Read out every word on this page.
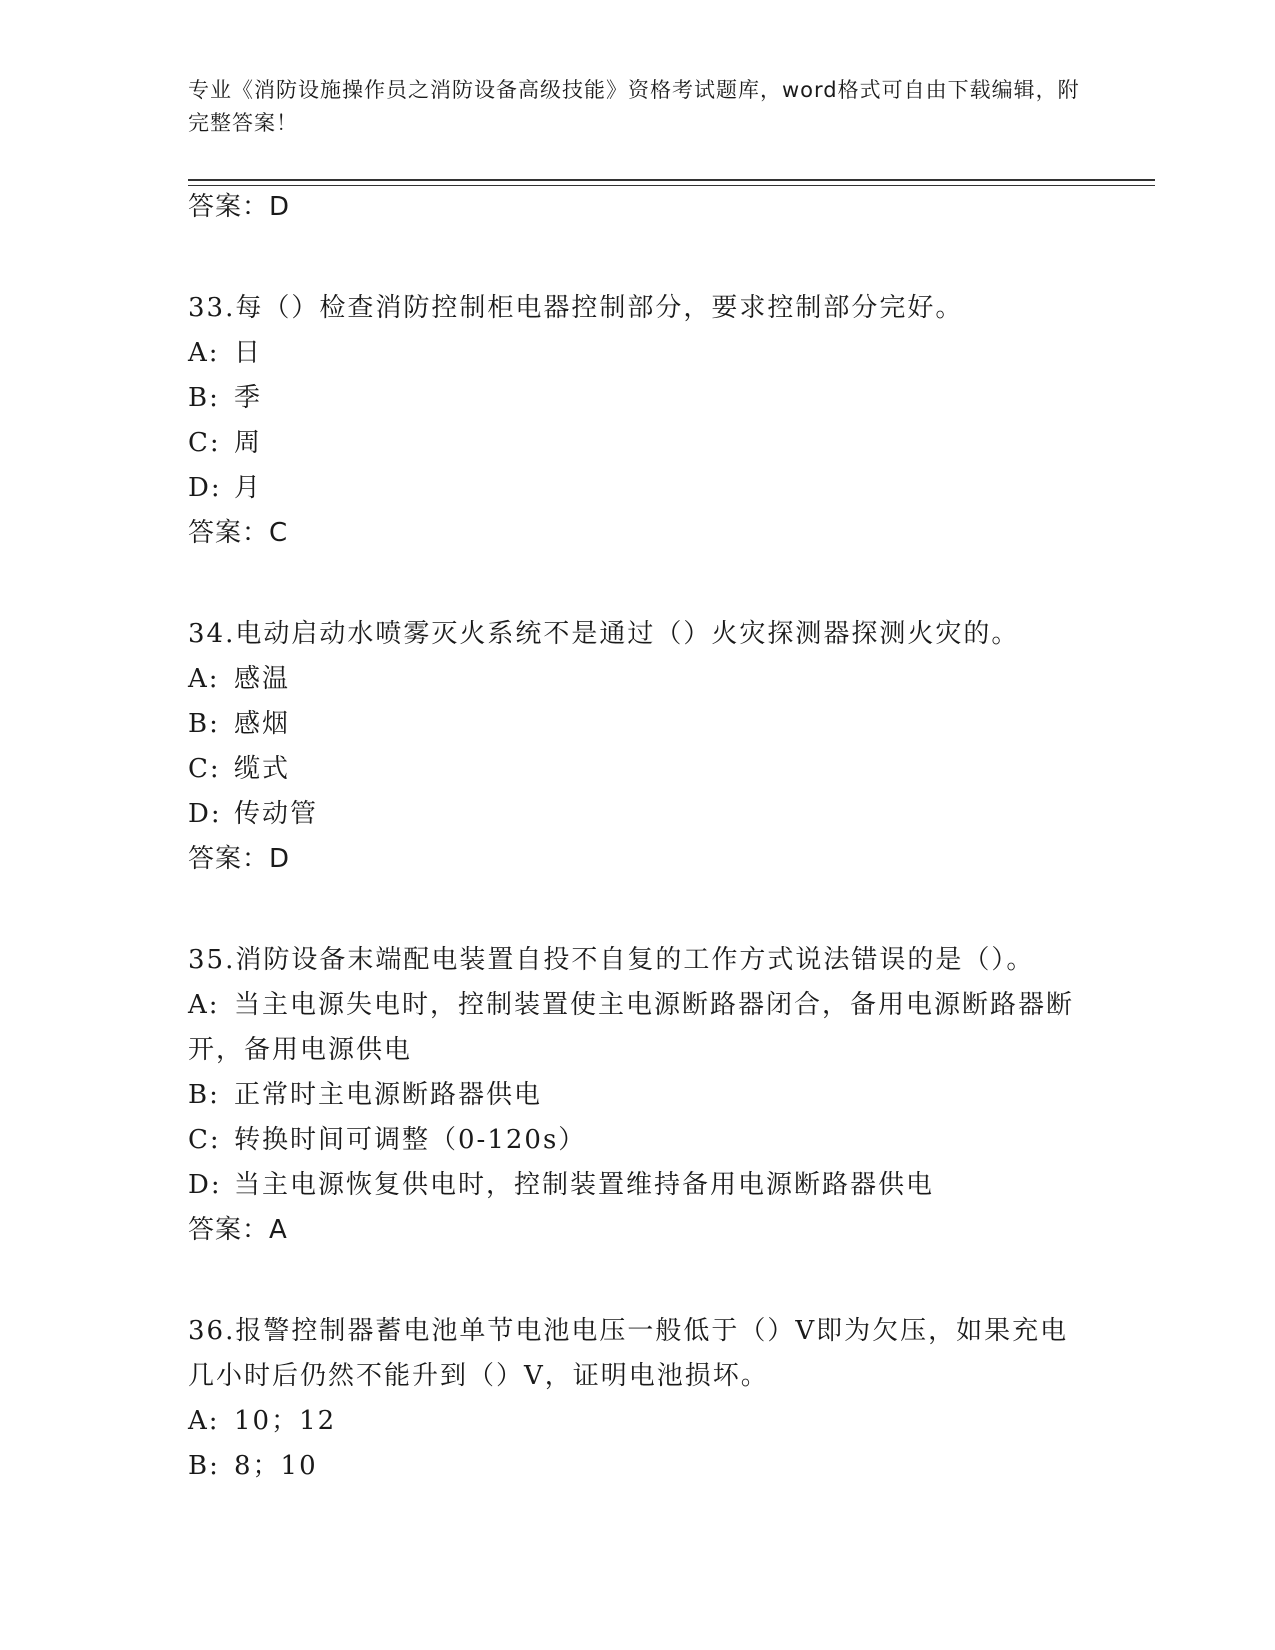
专业《消防设施操作员之消防设备高级技能》资格考试题库，word格式可自由下载编辑，附完整答案！
答案：D
33.每（）检查消防控制柜电器控制部分，要求控制部分完好。
A: 日
B: 季
C: 周
D: 月
答案：C
34.电动启动水喷雾灭火系统不是通过（）火灾探测器探测火灾的。
A: 感温
B: 感烟
C: 缆式
D: 传动管
答案：D
35.消防设备末端配电装置自投不自复的工作方式说法错误的是（）。
A: 当主电源失电时，控制装置使主电源断路器闭合，备用电源断路器断开，备用电源供电
B: 正常时主电源断路器供电
C: 转换时间可调整（0-120s）
D: 当主电源恢复供电时，控制装置维持备用电源断路器供电
答案：A
36.报警控制器蓄电池单节电池电压一般低于（）V即为欠压，如果充电几小时后仍然不能升到（）V，证明电池损坏。
A: 10；12
B: 8；10
